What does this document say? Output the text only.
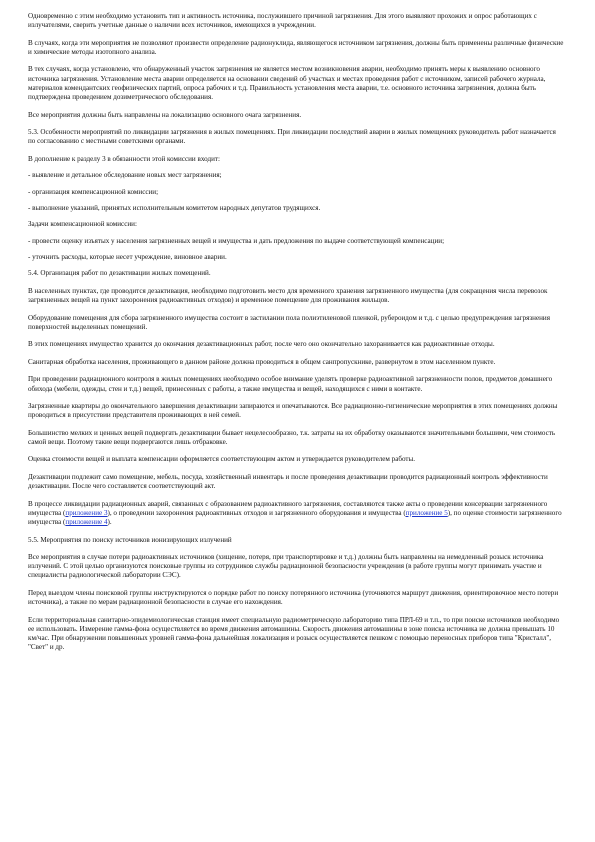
Одновременно с этим необходимо установить тип и активность источника, послужившего причиной загрязнения. Для этого выявляют прохожих и опрос работающих с излучателями, сверить учетные данные о наличии всех источников, имеющихся в учреждении.

В случаях, когда эти мероприятия не позволяют произвести определение радионуклида, являющегося источником загрязнения, должны быть применены различные физические и химические методы изотопного анализа.

В тех случаях, когда установлено, что обнаруженный участок загрязнения не является местом возникновения аварии, необходимо принять меры к выявлению основного источника загрязнения. Установление места аварии определяется на основании сведений об участках и местах проведения работ с источником, записей рабочего журнала, материалов комендантских геофизических партий, опроса рабочих и т.д. Правильность установления места аварии, т.е. основного источника загрязнения, должна быть подтверждена проведением дозиметрического обследования.

Все мероприятия должны быть направлены на локализацию основного очага загрязнения.

5.3. Особенности мероприятий по ликвидации загрязнения в жилых помещениях. При ликвидации последствий аварии в жилых помещениях руководитель работ назначается по согласованию с местными советскими органами.

В дополнение к разделу 3 в обязанности этой комиссии входит:

- выявление и детальное обследование новых мест загрязнения;

- организация компенсационной комиссии;

- выполнение указаний, принятых исполнительным комитетом народных депутатов трудящихся.

Задачи компенсационной комиссии:

- провести оценку изъятых у населения загрязненных вещей и имущества и дать предложения по выдаче соответствующей компенсации;

- уточнить расходы, которые несет учреждение, виновное аварии.

5.4. Организация работ по дезактивации жилых помещений.

В населенных пунктах, где проводится дезактивация, необходимо подготовить место для временного хранения загрязненного имущества (для сокращения числа перевозок загрязненных вещей на пункт захоронения радиоактивных отходов) и временное помещение для проживания жильцов.

Оборудование помещения для сбора загрязненного имущества состоит в застилании пола полиэтиленовой пленкой, рубероидом и т.д. с целью предупреждения загрязнения поверхностей выделенных помещений.

В этих помещениях имущество хранится до окончания дезактивационных работ, после чего оно окончательно захоранивается как радиоактивные отходы.

Санитарная обработка населения, проживающего в данном районе должна проводиться в общем санпропускнике, развернутом в этом населенном пункте.

При проведении радиационного контроля в жилых помещениях необходимо особое внимание уделять проверке радиоактивной загрязненности полов, предметов домашнего обихода (мебели, одежды, стен и т.д.) вещей, принесенных с работы, а также имущества и вещей, находящихся с ними в контакте.

Загрязненные квартиры до окончательного завершения дезактивации запираются и опечатываются. Все радиационно-гигиенические мероприятия в этих помещениях должны проводиться в присутствии представителя проживающих в ней семей.

Большинство мелких и ценных вещей подвергать дезактивации бывает нецелесообразно, т.к. затраты на их обработку оказываются значительными большими, чем стоимость самой вещи. Поэтому такие вещи подвергаются лишь отбраковке.

Оценка стоимости вещей и выплата компенсации оформляется соответствующим актом и утверждается руководителем работы.

Дезактивации подлежит само помещение, мебель, посуда, хозяйственный инвентарь и после проведения дезактивации проводится радиационный контроль эффективности дезактивации. После чего составляется соответствующий акт.

В процессе ликвидации радиационных аварий, связанных с образованием радиоактивного загрязнения, составляются также акты о проведении консервации загрязненного имущества (приложение 3), о проведении захоронения радиоактивных отходов и загрязненного оборудования и имущества (приложение 5), по оценке стоимости загрязненного имущества (приложение 4).

5.5. Мероприятия по поиску источников ионизирующих излучений

Все мероприятия в случае потери радиоактивных источников (хищение, потеря, при транспортировке и т.д.) должны быть направлены на немедленный розыск источника излучений. С этой целью организуются поисковые группы из сотрудников службы радиационной безопасности учреждения (в работе группы могут принимать участие и специалисты радиологической лаборатории СЭС).

Перед выездом члены поисковой группы инструктируются о порядке работ по поиску потерянного источника (уточняются маршрут движения, ориентировочное место потери источника), а также по мерам радиационной безопасности в случае его нахождения.

Если территориальная санитарно-эпидемиологическая станция имеет специальную радиометрическую лабораторию типа ПРЛ-69 и т.п., то при поиске источников необходимо ее использовать. Измерение гамма-фона осуществляется во время движения автомашины. Скорость движения автомашины в зоне поиска источника не должна превышать 10 км/час. При обнаружении повышенных уровней гамма-фона дальнейшая локализация и розыск осуществляется пешком с помощью переносных приборов типа "Кристалл", "Свет" и др.
